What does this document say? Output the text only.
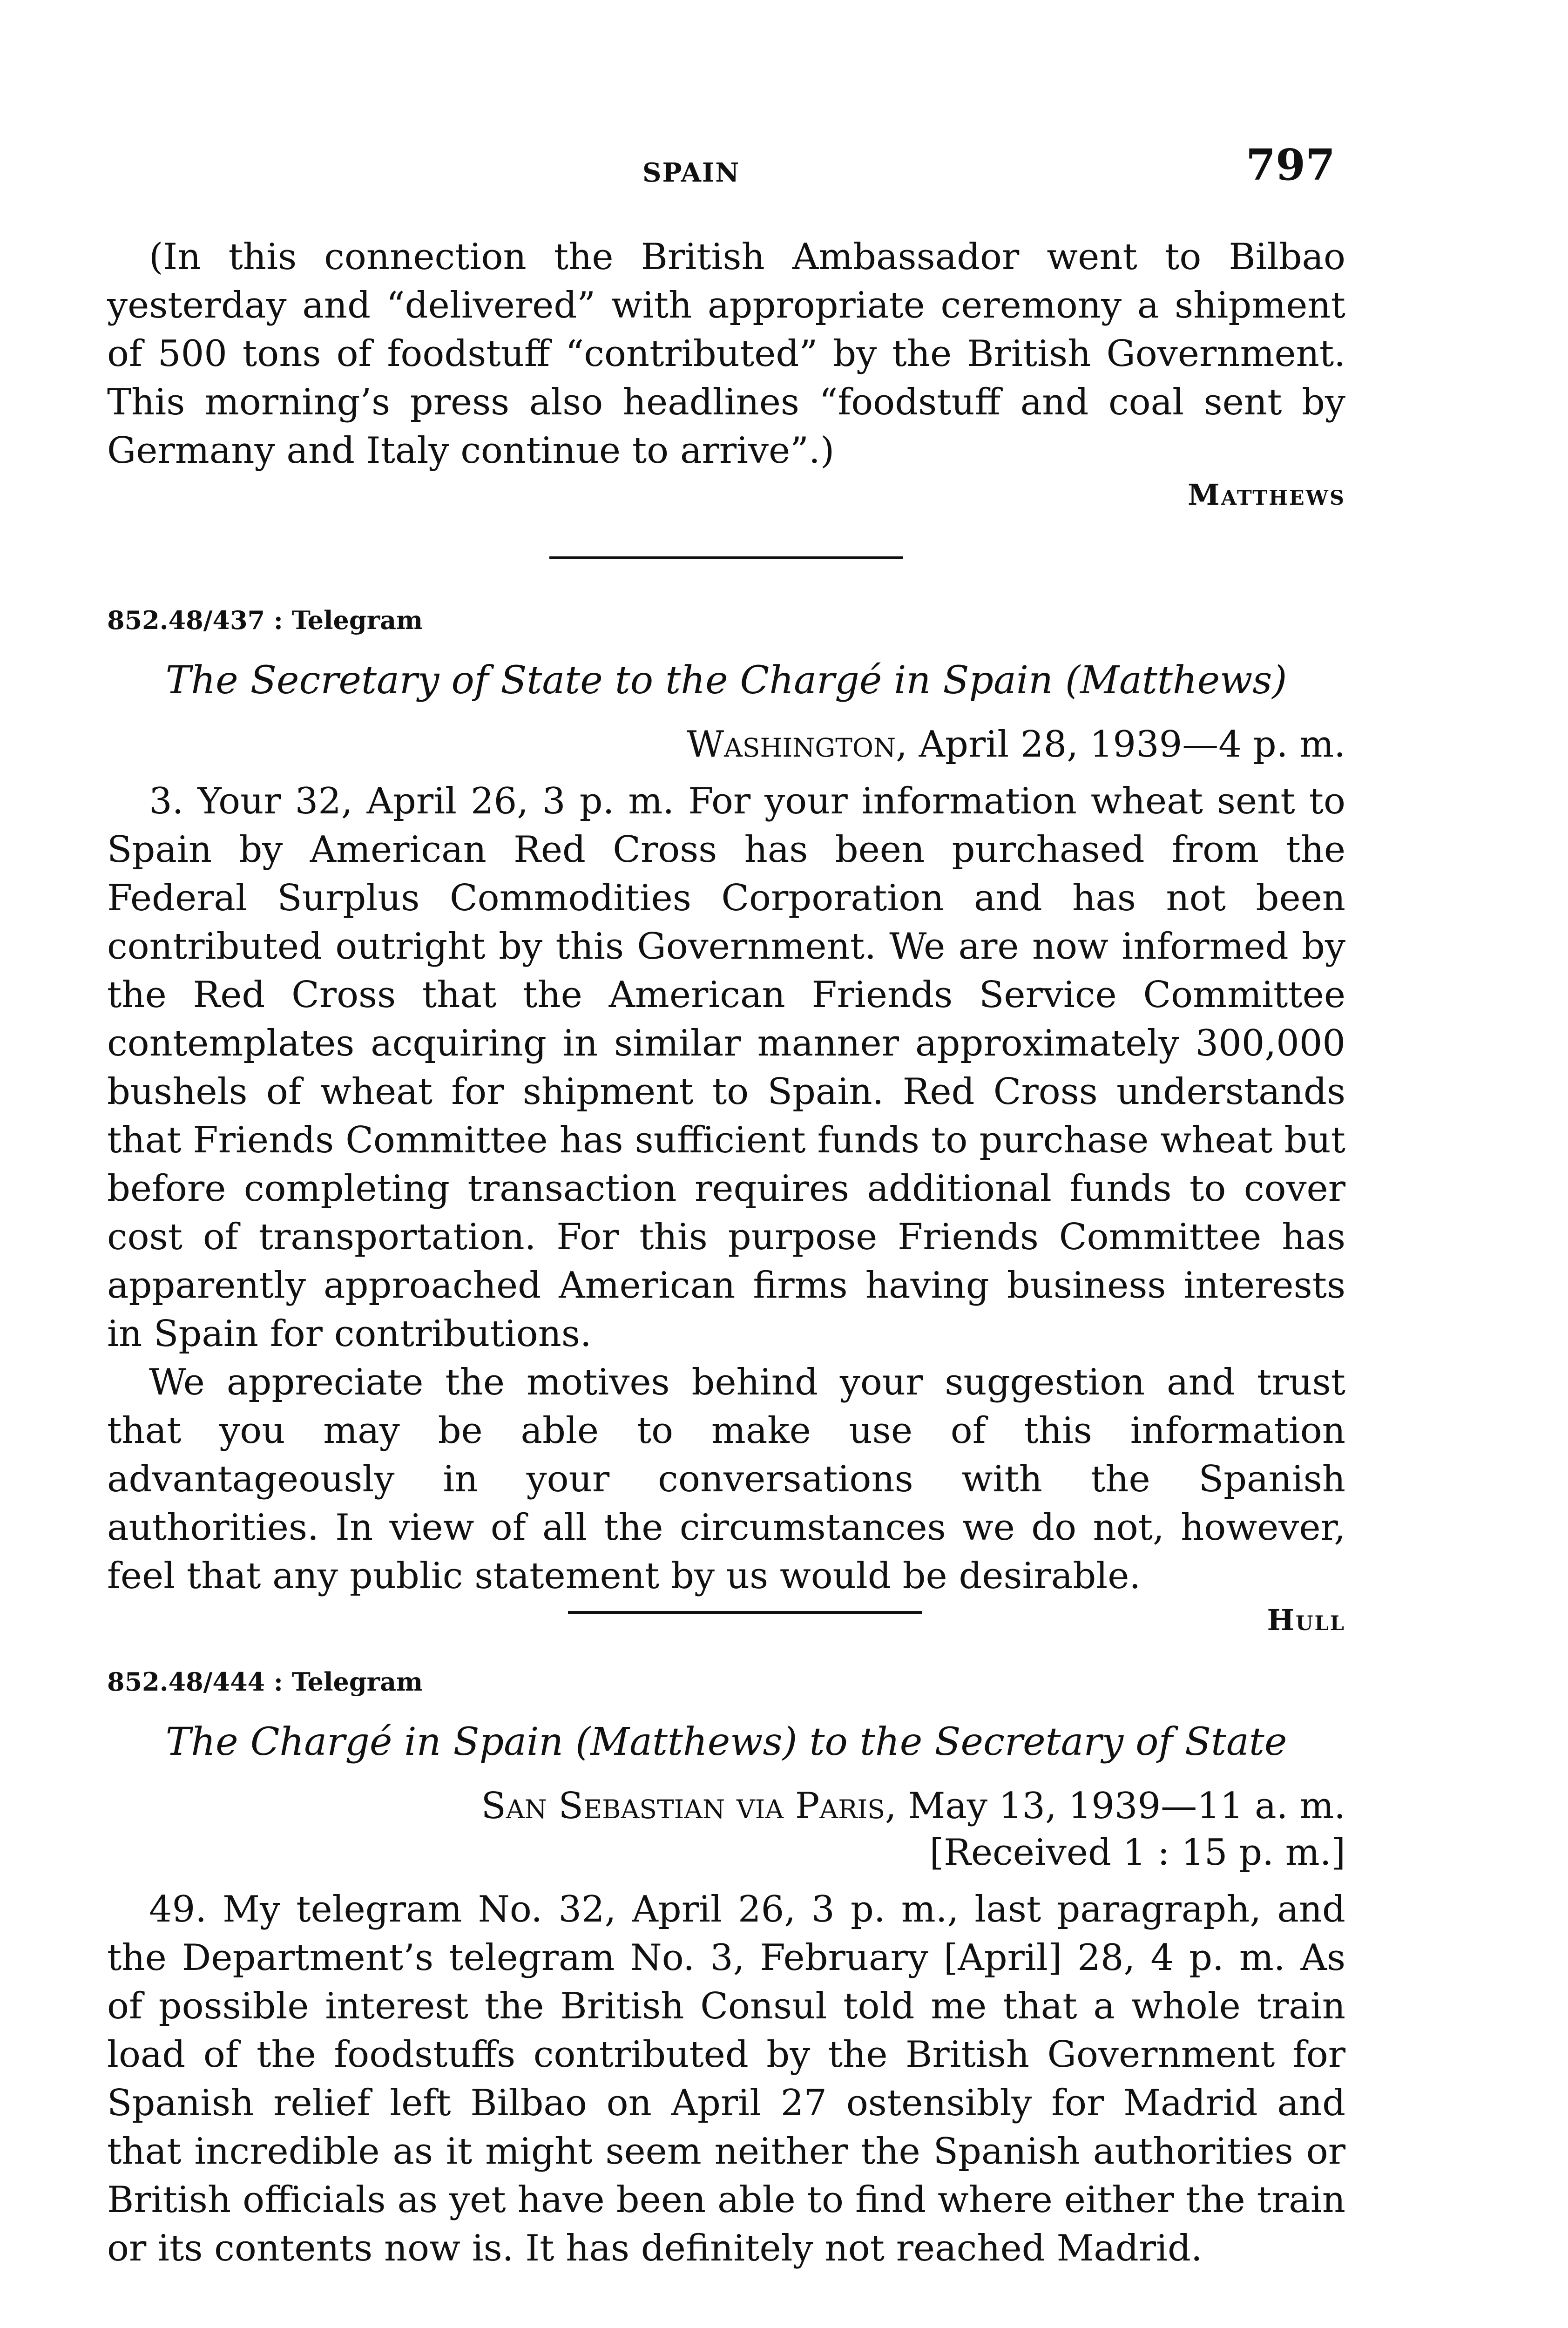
SPAIN	797

(In this connection the British Ambassador went to Bilbao yesterday and “delivered” with appropriate ceremony a shipment of 500 tons of foodstuff “contributed” by the British Government. This morning’s press also headlines “foodstuff and coal sent by Germany and Italy continue to arrive”.)

Matthews
852.48/437 : Telegram
The Secretary of State to the Chargé in Spain (Matthews)
Washington, April 28, 1939—4 p. m.

3. Your 32, April 26, 3 p. m. For your information wheat sent to Spain by American Red Cross has been purchased from the Federal Surplus Commodities Corporation and has not been contributed outright by this Government. We are now informed by the Red Cross that the American Friends Service Committee contemplates acquiring in similar manner approximately 300,000 bushels of wheat for shipment to Spain. Red Cross understands that Friends Committee has sufficient funds to purchase wheat but before completing transaction requires additional funds to cover cost of transportation. For this purpose Friends Committee has apparently approached American firms having business interests in Spain for contributions.

We appreciate the motives behind your suggestion and trust that you may be able to make use of this information advantageously in your conversations with the Spanish authorities. In view of all the circumstances we do not, however, feel that any public statement by us would be desirable.

Hull
852.48/444 : Telegram
The Chargé in Spain (Matthews) to the Secretary of State
San Sebastian via Paris, May 13, 1939—11 a. m.
[Received 1 : 15 p. m.]

49. My telegram No. 32, April 26, 3 p. m., last paragraph, and the Department’s telegram No. 3, February [April] 28, 4 p. m. As of possible interest the British Consul told me that a whole train load of the foodstuffs contributed by the British Government for Spanish relief left Bilbao on April 27 ostensibly for Madrid and that incredible as it might seem neither the Spanish authorities or British officials as yet have been able to find where either the train or its contents now is. It has definitely not reached Madrid.
